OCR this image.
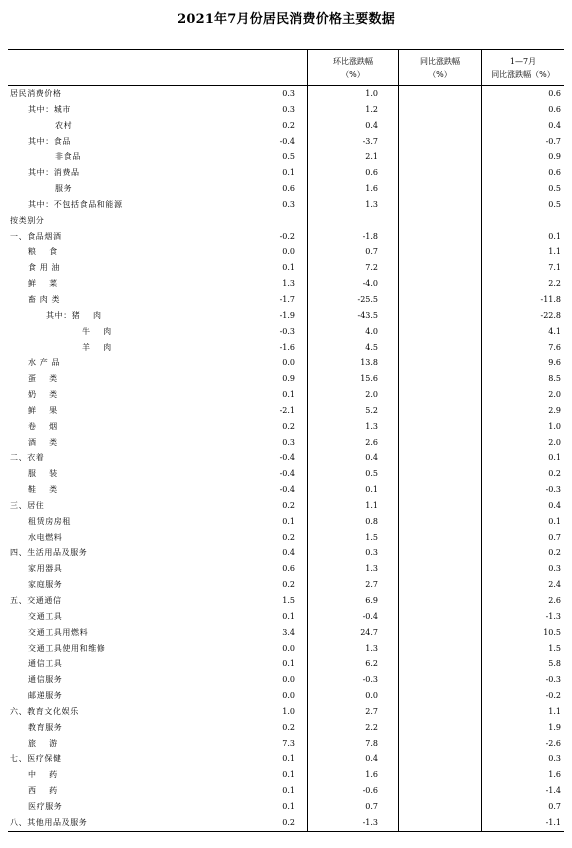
2021年7月份居民消费价格主要数据
环比涨跌幅
（%）
同比涨跌幅
（%）
1—7月
同比涨跌幅（%）
居民消费价格	0.3	1.0	0.6
其中：城市	0.3	1.2	0.6
农村	0.2	0.4	0.4
其中：食品	-0.4	-3.7	-0.7
非食品	0.5	2.1	0.9
其中：消费品	0.1	0.6	0.6
服务	0.6	1.6	0.5
其中：不包括食品和能源	0.3	1.3	0.5
按类别分
一、食品烟酒	-0.2	-1.8	0.1
粮    食	0.0	0.7	1.1
食 用 油	0.1	7.2	7.1
鲜    菜	1.3	-4.0	2.2
畜 肉 类	-1.7	-25.5	-11.8
其中：猪    肉	-1.9	-43.5	-22.8
牛    肉	-0.3	4.0	4.1
羊    肉	-1.6	4.5	7.6
水 产 品	0.0	13.8	9.6
蛋    类	0.9	15.6	8.5
奶    类	0.1	2.0	2.0
鲜    果	-2.1	5.2	2.9
卷    烟	0.2	1.3	1.0
酒    类	0.3	2.6	2.0
二、衣着	-0.4	0.4	0.1
服    装	-0.4	0.5	0.2
鞋    类	-0.4	0.1	-0.3
三、居住	0.2	1.1	0.4
租赁房房租	0.1	0.8	0.1
水电燃料	0.2	1.5	0.7
四、生活用品及服务	0.4	0.3	0.2
家用器具	0.6	1.3	0.3
家庭服务	0.2	2.7	2.4
五、交通通信	1.5	6.9	2.6
交通工具	0.1	-0.4	-1.3
交通工具用燃料	3.4	24.7	10.5
交通工具使用和维修	0.0	1.3	1.5
通信工具	0.1	6.2	5.8
通信服务	0.0	-0.3	-0.3
邮递服务	0.0	0.0	-0.2
六、教育文化娱乐	1.0	2.7	1.1
教育服务	0.2	2.2	1.9
旅    游	7.3	7.8	-2.6
七、医疗保健	0.1	0.4	0.3
中    药	0.1	1.6	1.6
西    药	0.1	-0.6	-1.4
医疗服务	0.1	0.7	0.7
八、其他用品及服务	0.2	-1.3	-1.1
